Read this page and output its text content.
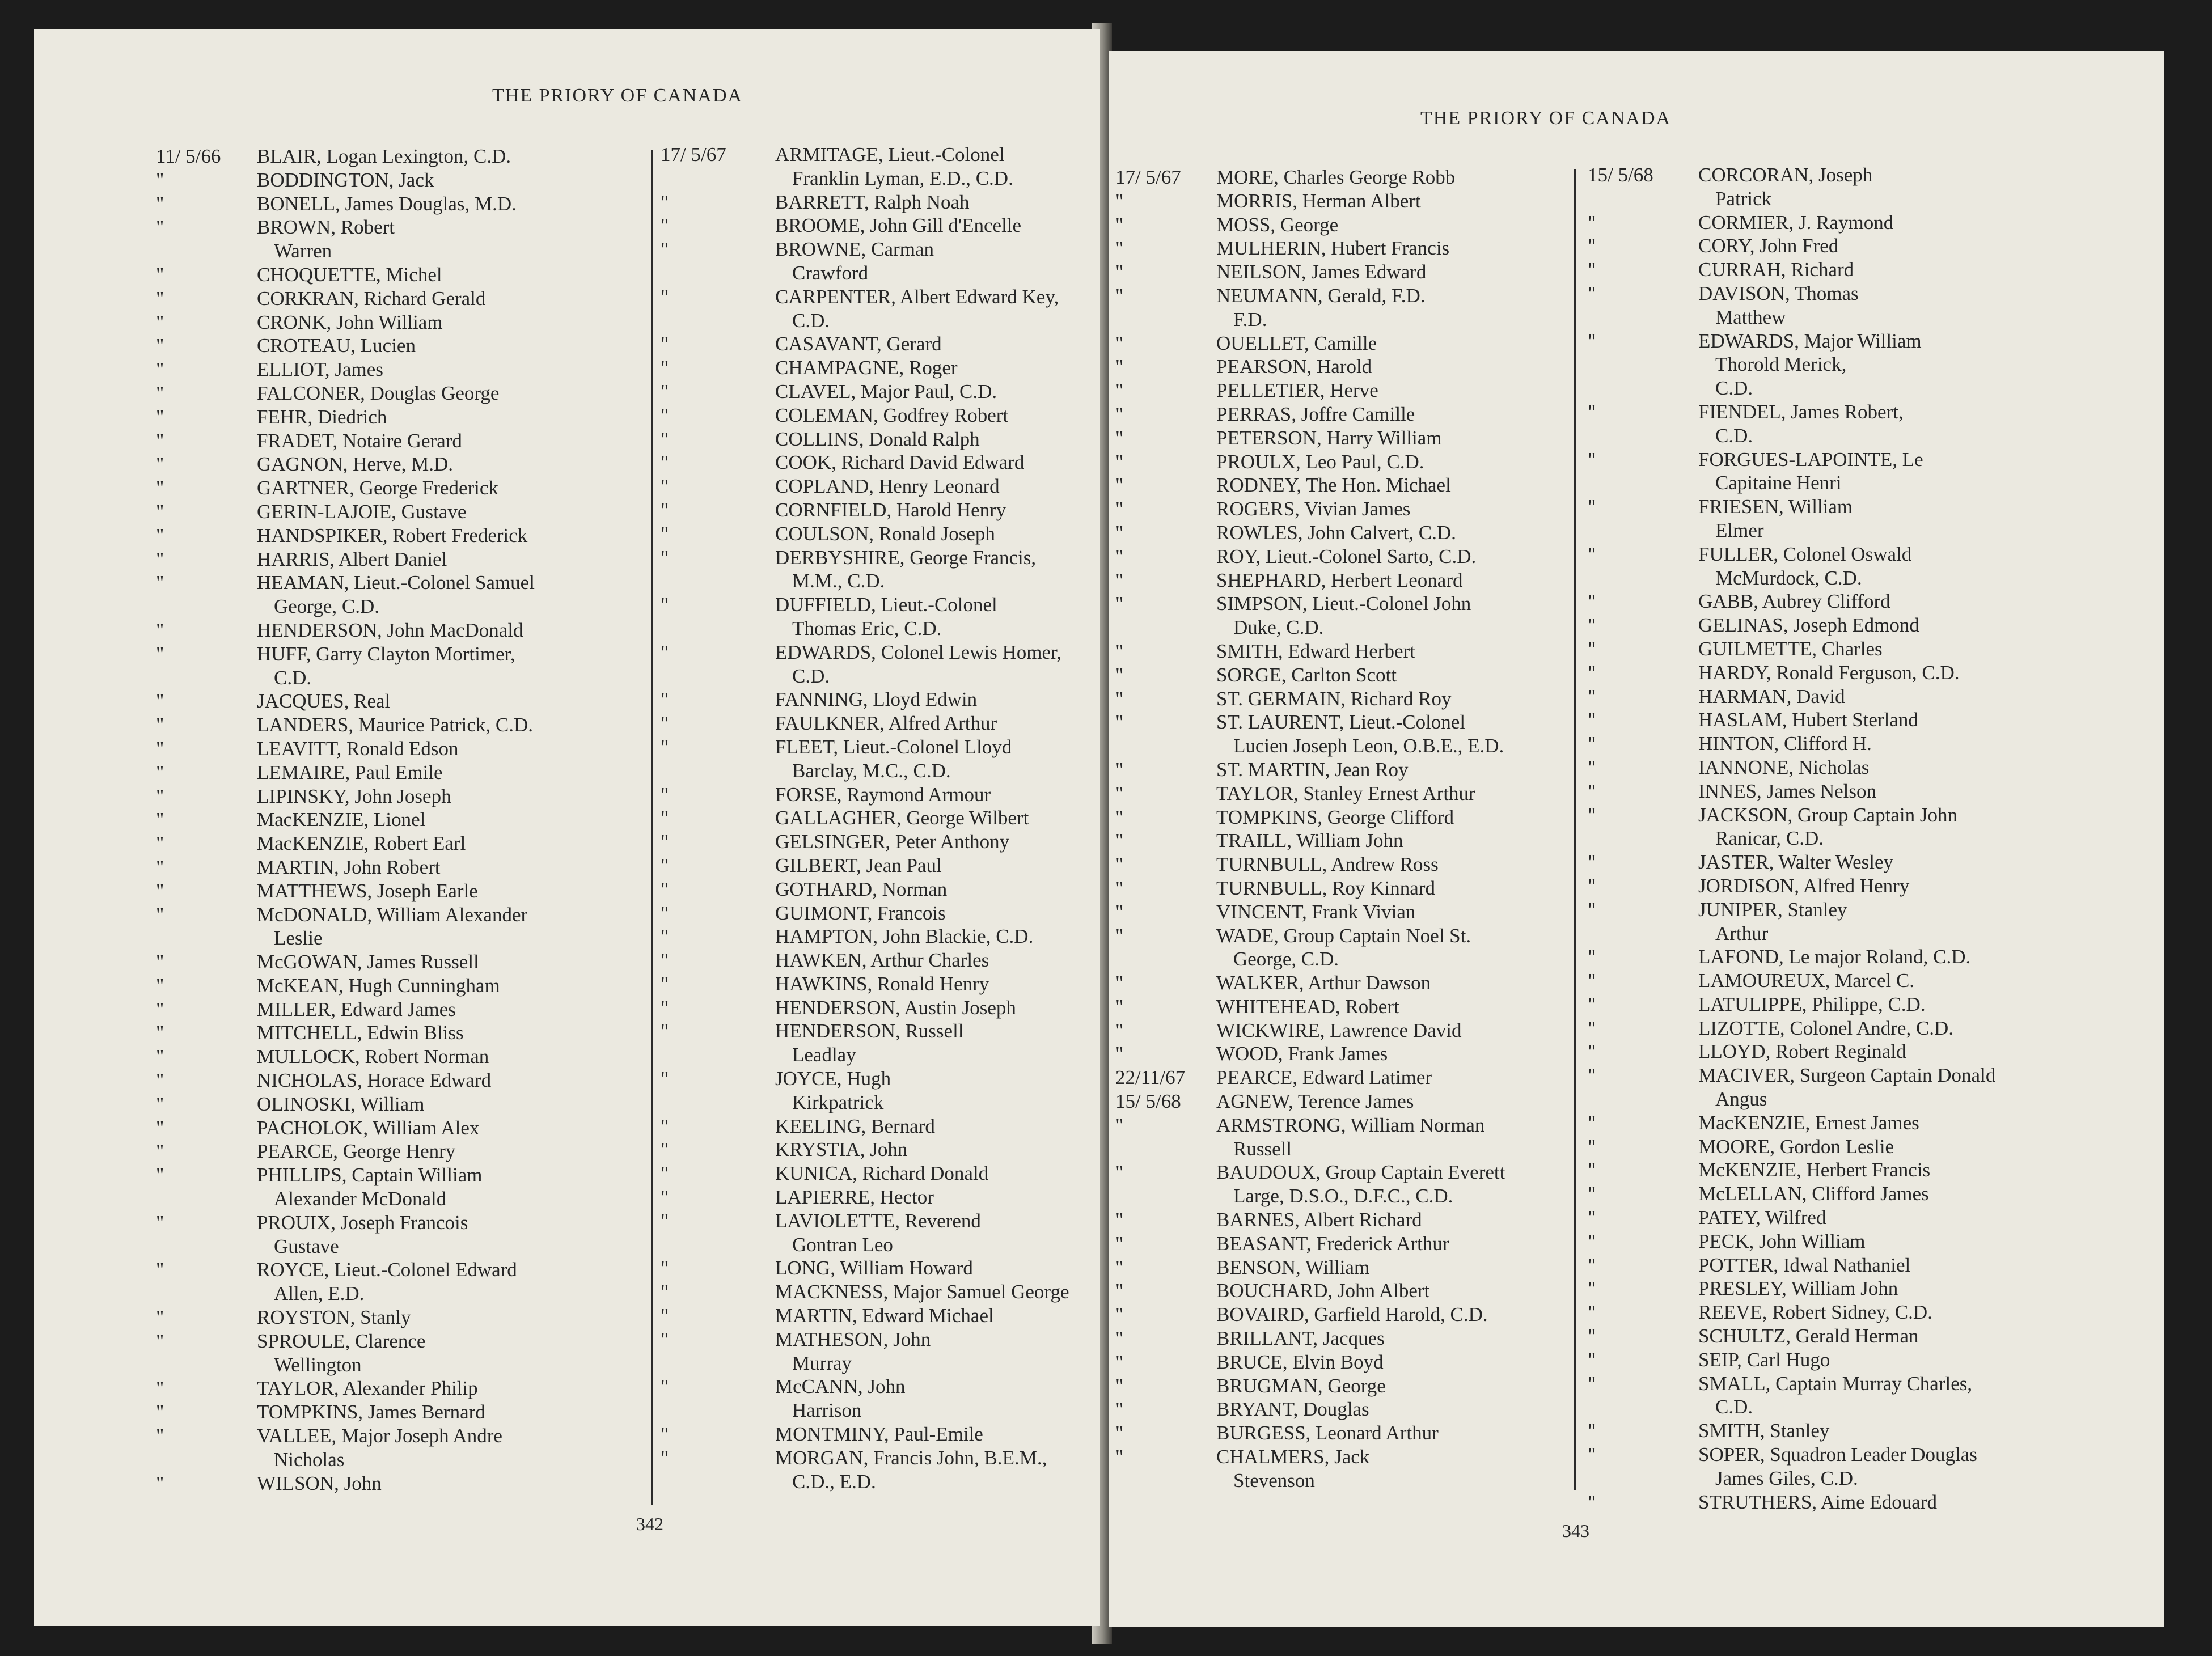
THE PRIORY OF CANADA
11/ 5/66	BLAIR, Logan Lexington, C.D.
"	BODDINGTON, Jack
"	BONELL, James Douglas, M.D.
"	BROWN, Robert
Warren
"	CHOQUETTE, Michel
"	CORKRAN, Richard Gerald
"	CRONK, John William
"	CROTEAU, Lucien
"	ELLIOT, James
"	FALCONER, Douglas George
"	FEHR, Diedrich
"	FRADET, Notaire Gerard
"	GAGNON, Herve, M.D.
"	GARTNER, George Frederick
"	GERIN-LAJOIE, Gustave
"	HANDSPIKER, Robert Frederick
"	HARRIS, Albert Daniel
"	HEAMAN, Lieut.-Colonel Samuel
George, C.D.
"	HENDERSON, John MacDonald
"	HUFF, Garry Clayton Mortimer,
C.D.
"	JACQUES, Real
"	LANDERS, Maurice Patrick, C.D.
"	LEAVITT, Ronald Edson
"	LEMAIRE, Paul Emile
"	LIPINSKY, John Joseph
"	MacKENZIE, Lionel
"	MacKENZIE, Robert Earl
"	MARTIN, John Robert
"	MATTHEWS, Joseph Earle
"	McDONALD, William Alexander
Leslie
"	McGOWAN, James Russell
"	McKEAN, Hugh Cunningham
"	MILLER, Edward James
"	MITCHELL, Edwin Bliss
"	MULLOCK, Robert Norman
"	NICHOLAS, Horace Edward
"	OLINOSKI, William
"	PACHOLOK, William Alex
"	PEARCE, George Henry
"	PHILLIPS, Captain William
Alexander McDonald
"	PROUIX, Joseph Francois
Gustave
"	ROYCE, Lieut.-Colonel Edward
Allen, E.D.
"	ROYSTON, Stanly
"	SPROULE, Clarence
Wellington
"	TAYLOR, Alexander Philip
"	TOMPKINS, James Bernard
"	VALLEE, Major Joseph Andre
Nicholas
"	WILSON, John
17/ 5/67	ARMITAGE, Lieut.-Colonel
Franklin Lyman, E.D., C.D.
"	BARRETT, Ralph Noah
"	BROOME, John Gill d'Encelle
"	BROWNE, Carman
Crawford
"	CARPENTER, Albert Edward Key,
C.D.
"	CASAVANT, Gerard
"	CHAMPAGNE, Roger
"	CLAVEL, Major Paul, C.D.
"	COLEMAN, Godfrey Robert
"	COLLINS, Donald Ralph
"	COOK, Richard David Edward
"	COPLAND, Henry Leonard
"	CORNFIELD, Harold Henry
"	COULSON, Ronald Joseph
"	DERBYSHIRE, George Francis,
M.M., C.D.
"	DUFFIELD, Lieut.-Colonel
Thomas Eric, C.D.
"	EDWARDS, Colonel Lewis Homer,
C.D.
"	FANNING, Lloyd Edwin
"	FAULKNER, Alfred Arthur
"	FLEET, Lieut.-Colonel Lloyd
Barclay, M.C., C.D.
"	FORSE, Raymond Armour
"	GALLAGHER, George Wilbert
"	GELSINGER, Peter Anthony
"	GILBERT, Jean Paul
"	GOTHARD, Norman
"	GUIMONT, Francois
"	HAMPTON, John Blackie, C.D.
"	HAWKEN, Arthur Charles
"	HAWKINS, Ronald Henry
"	HENDERSON, Austin Joseph
"	HENDERSON, Russell
Leadlay
"	JOYCE, Hugh
Kirkpatrick
"	KEELING, Bernard
"	KRYSTIA, John
"	KUNICA, Richard Donald
"	LAPIERRE, Hector
"	LAVIOLETTE, Reverend
Gontran Leo
"	LONG, William Howard
"	MACKNESS, Major Samuel George
"	MARTIN, Edward Michael
"	MATHESON, John
Murray
"	McCANN, John
Harrison
"	MONTMINY, Paul-Emile
"	MORGAN, Francis John, B.E.M.,
C.D., E.D.
342
THE PRIORY OF CANADA
17/ 5/67	MORE, Charles George Robb
"	MORRIS, Herman Albert
"	MOSS, George
"	MULHERIN, Hubert Francis
"	NEILSON, James Edward
"	NEUMANN, Gerald, F.D.
F.D.
"	OUELLET, Camille
"	PEARSON, Harold
"	PELLETIER, Herve
"	PERRAS, Joffre Camille
"	PETERSON, Harry William
"	PROULX, Leo Paul, C.D.
"	RODNEY, The Hon. Michael
"	ROGERS, Vivian James
"	ROWLES, John Calvert, C.D.
"	ROY, Lieut.-Colonel Sarto, C.D.
"	SHEPHARD, Herbert Leonard
"	SIMPSON, Lieut.-Colonel John
Duke, C.D.
"	SMITH, Edward Herbert
"	SORGE, Carlton Scott
"	ST. GERMAIN, Richard Roy
"	ST. LAURENT, Lieut.-Colonel
Lucien Joseph Leon, O.B.E., E.D.
"	ST. MARTIN, Jean Roy
"	TAYLOR, Stanley Ernest Arthur
"	TOMPKINS, George Clifford
"	TRAILL, William John
"	TURNBULL, Andrew Ross
"	TURNBULL, Roy Kinnard
"	VINCENT, Frank Vivian
"	WADE, Group Captain Noel St.
George, C.D.
"	WALKER, Arthur Dawson
"	WHITEHEAD, Robert
"	WICKWIRE, Lawrence David
"	WOOD, Frank James
22/11/67	PEARCE, Edward Latimer
15/ 5/68	AGNEW, Terence James
"	ARMSTRONG, William Norman
Russell
"	BAUDOUX, Group Captain Everett
Large, D.S.O., D.F.C., C.D.
"	BARNES, Albert Richard
"	BEASANT, Frederick Arthur
"	BENSON, William
"	BOUCHARD, John Albert
"	BOVAIRD, Garfield Harold, C.D.
"	BRILLANT, Jacques
"	BRUCE, Elvin Boyd
"	BRUGMAN, George
"	BRYANT, Douglas
"	BURGESS, Leonard Arthur
"	CHALMERS, Jack
Stevenson
15/ 5/68	CORCORAN, Joseph
Patrick
"	CORMIER, J. Raymond
"	CORY, John Fred
"	CURRAH, Richard
"	DAVISON, Thomas
Matthew
"	EDWARDS, Major William
Thorold Merick,
C.D.
"	FIENDEL, James Robert,
C.D.
"	FORGUES-LAPOINTE, Le
Capitaine Henri
"	FRIESEN, William
Elmer
"	FULLER, Colonel Oswald
McMurdock, C.D.
"	GABB, Aubrey Clifford
"	GELINAS, Joseph Edmond
"	GUILMETTE, Charles
"	HARDY, Ronald Ferguson, C.D.
"	HARMAN, David
"	HASLAM, Hubert Sterland
"	HINTON, Clifford H.
"	IANNONE, Nicholas
"	INNES, James Nelson
"	JACKSON, Group Captain John
Ranicar, C.D.
"	JASTER, Walter Wesley
"	JORDISON, Alfred Henry
"	JUNIPER, Stanley
Arthur
"	LAFOND, Le major Roland, C.D.
"	LAMOUREUX, Marcel C.
"	LATULIPPE, Philippe, C.D.
"	LIZOTTE, Colonel Andre, C.D.
"	LLOYD, Robert Reginald
"	MACIVER, Surgeon Captain Donald
Angus
"	MacKENZIE, Ernest James
"	MOORE, Gordon Leslie
"	McKENZIE, Herbert Francis
"	McLELLAN, Clifford James
"	PATEY, Wilfred
"	PECK, John William
"	POTTER, Idwal Nathaniel
"	PRESLEY, William John
"	REEVE, Robert Sidney, C.D.
"	SCHULTZ, Gerald Herman
"	SEIP, Carl Hugo
"	SMALL, Captain Murray Charles,
C.D.
"	SMITH, Stanley
"	SOPER, Squadron Leader Douglas
James Giles, C.D.
"	STRUTHERS, Aime Edouard
343
